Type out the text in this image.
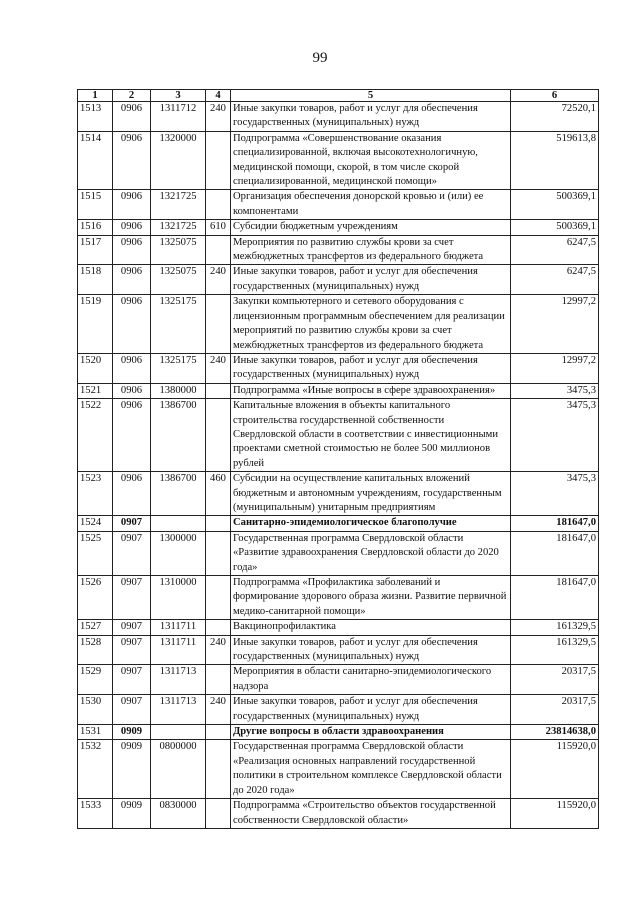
99
1	2	3	4	5	6
1513	0906	1311712	240	Иные закупки товаров, работ и услуг для обеспечения государственных (муниципальных) нужд	72520,1
1514	0906	1320000		Подпрограмма «Совершенствование оказания специализированной, включая высокотехнологичную, медицинской помощи, скорой, в том числе скорой специализированной, медицинской помощи»	519613,8
1515	0906	1321725		Организация обеспечения донорской кровью и (или) ее компонентами	500369,1
1516	0906	1321725	610	Субсидии бюджетным учреждениям	500369,1
1517	0906	1325075		Мероприятия по развитию службы крови за счет межбюджетных трансфертов из федерального бюджета	6247,5
1518	0906	1325075	240	Иные закупки товаров, работ и услуг для обеспечения государственных (муниципальных) нужд	6247,5
1519	0906	1325175		Закупки компьютерного и сетевого оборудования с лицензионным программным обеспечением для реализации мероприятий по развитию службы крови за счет межбюджетных трансфертов из федерального бюджета	12997,2
1520	0906	1325175	240	Иные закупки товаров, работ и услуг для обеспечения государственных (муниципальных) нужд	12997,2
1521	0906	1380000		Подпрограмма «Иные вопросы в сфере здравоохранения»	3475,3
1522	0906	1386700		Капитальные вложения в объекты капитального строительства государственной собственности Свердловской области в соответствии с инвестиционными проектами сметной стоимостью не более 500 миллионов рублей	3475,3
1523	0906	1386700	460	Субсидии на осуществление капитальных вложений бюджетным и автономным учреждениям, государственным (муниципальным) унитарным предприятиям	3475,3
1524	0907			Санитарно-эпидемиологическое благополучие	181647,0
1525	0907	1300000		Государственная программа Свердловской области «Развитие здравоохранения Свердловской области до 2020 года»	181647,0
1526	0907	1310000		Подпрограмма «Профилактика заболеваний и формирование здорового образа жизни. Развитие первичной медико-санитарной помощи»	181647,0
1527	0907	1311711		Вакцинопрофилактика	161329,5
1528	0907	1311711	240	Иные закупки товаров, работ и услуг для обеспечения государственных (муниципальных) нужд	161329,5
1529	0907	1311713		Мероприятия в области санитарно-эпидемиологического надзора	20317,5
1530	0907	1311713	240	Иные закупки товаров, работ и услуг для обеспечения государственных (муниципальных) нужд	20317,5
1531	0909			Другие вопросы в области здравоохранения	23814638,0
1532	0909	0800000		Государственная программа Свердловской области «Реализация основных направлений государственной политики в строительном комплексе Свердловской области до 2020 года»	115920,0
1533	0909	0830000		Подпрограмма «Строительство объектов государственной собственности Свердловской области»	115920,0
